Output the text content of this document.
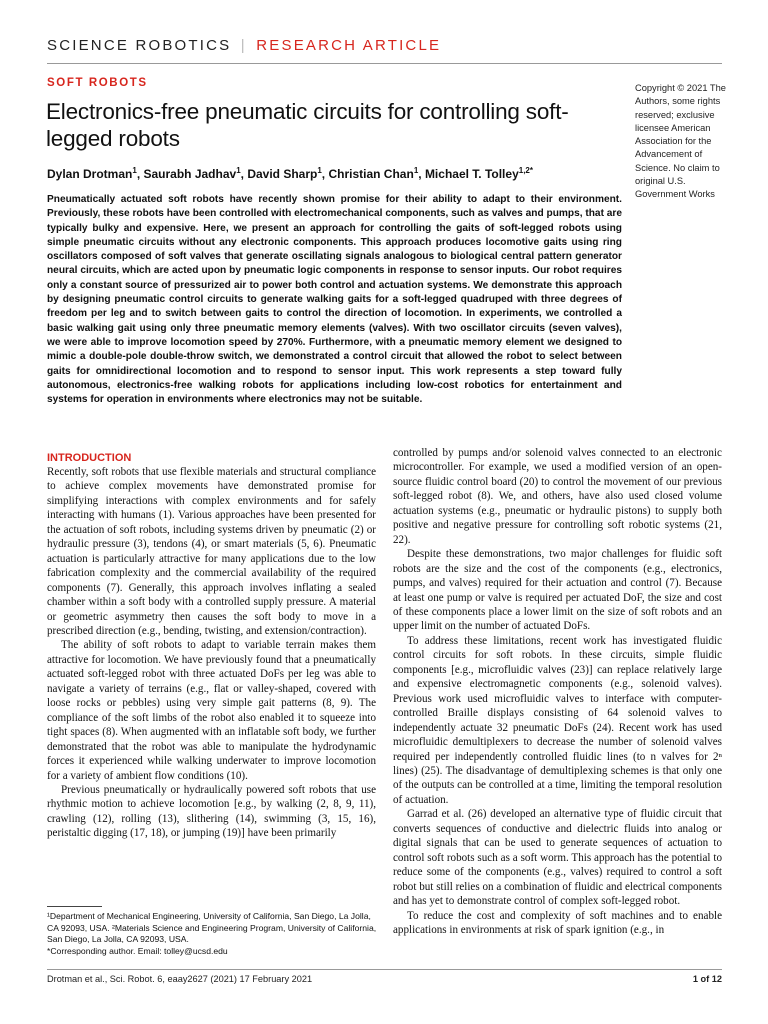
SCIENCE ROBOTICS | RESEARCH ARTICLE
SOFT ROBOTS
Electronics-free pneumatic circuits for controlling soft-legged robots
Dylan Drotman$^1$, Saurabh Jadhav$^1$, David Sharp$^1$, Christian Chan$^1$, Michael T. Tolley$^{1,2*}$

Copyright © 2021 The Authors, some rights reserved; exclusive licensee American Association for the Advancement of Science. No claim to original U.S. Government Works

Pneumatically actuated soft robots have recently shown promise for their ability to adapt to their environment. Previously, these robots have been controlled with electromechanical components, such as valves and pumps, that are typically bulky and expensive. Here, we present an approach for controlling the gaits of soft-legged robots using simple pneumatic circuits without any electronic components. This approach produces locomotive gaits using ring oscillators composed of soft valves that generate oscillating signals analogous to biological central pattern generator neural circuits, which are acted upon by pneumatic logic components in response to sensor inputs. Our robot requires only a constant source of pressurized air to power both control and actuation systems. We demonstrate this approach by designing pneumatic control circuits to generate walking gaits for a soft-legged quadruped with three degrees of freedom per leg and to switch between gaits to control the direction of locomotion. In experiments, we controlled a basic walking gait using only three pneumatic memory elements (valves). With two oscillator circuits (seven valves), we were able to improve locomotion speed by 270%. Furthermore, with a pneumatic memory element we designed to mimic a double-pole double-throw switch, we demonstrated a control circuit that allowed the robot to select between gaits for omnidirectional locomotion and to respond to sensor input. This work represents a step toward fully autonomous, electronics-free walking robots for applications including low-cost robotics for entertainment and systems for operation in environments where electronics may not be suitable.

INTRODUCTION

Recently, soft robots that use flexible materials and structural compliance to achieve complex movements have demonstrated promise for simplifying interactions with complex environments and for safely interacting with humans (1). Various approaches have been presented for the actuation of soft robots, including systems driven by pneumatic (2) or hydraulic pressure (3), tendons (4), or smart materials (5, 6). Pneumatic actuation is particularly attractive for many applications due to the low fabrication complexity and the commercial availability of the required components (7). Generally, this approach involves inflating a sealed chamber within a soft body with a controlled supply pressure. A material or geometric asymmetry then causes the soft body to move in a prescribed direction (e.g., bending, twisting, and extension/contraction).

The ability of soft robots to adapt to variable terrain makes them attractive for locomotion. We have previously found that a pneumatically actuated soft-legged robot with three actuated DoFs per leg was able to navigate a variety of terrains (e.g., flat or valley-shaped, covered with loose rocks or pebbles) using very simple gait patterns (8, 9). The compliance of the soft limbs of the robot also enabled it to squeeze into tight spaces (8). When augmented with an inflatable soft body, we further demonstrated that the robot was able to manipulate the hydrodynamic forces it experienced while walking underwater to improve locomotion for a variety of ambient flow conditions (10).

Previous pneumatically or hydraulically powered soft robots that use rhythmic motion to achieve locomotion [e.g., by walking (2, 8, 9, 11), crawling (12), rolling (13), slithering (14), swimming (3, 15, 16), peristaltic digging (17, 18), or jumping (19)] have been primarily

controlled by pumps and/or solenoid valves connected to an electronic microcontroller. For example, we used a modified version of an open-source fluidic control board (20) to control the movement of our previous soft-legged robot (8). We, and others, have also used closed volume actuation systems (e.g., pneumatic or hydraulic pistons) to supply both positive and negative pressure for controlling soft robotic systems (21, 22).

Despite these demonstrations, two major challenges for fluidic soft robots are the size and the cost of the components (e.g., electronics, pumps, and valves) required for their actuation and control (7). Because at least one pump or valve is required per actuated DoF, the size and cost of these components place a lower limit on the size of soft robots and an upper limit on the number of actuated DoFs.

To address these limitations, recent work has investigated fluidic control circuits for soft robots. In these circuits, simple fluidic components [e.g., microfluidic valves (23)] can replace relatively large and expensive electromagnetic components (e.g., solenoid valves). Previous work used microfluidic valves to interface with computer-controlled Braille displays consisting of 64 solenoid valves to independently actuate 32 pneumatic DoFs (24). Recent work has used microfluidic demultiplexers to decrease the number of solenoid valves required per independently controlled fluidic lines (to n valves for 2ⁿ lines) (25). The disadvantage of demultiplexing schemes is that only one of the outputs can be controlled at a time, limiting the temporal resolution of actuation.

Garrad et al. (26) developed an alternative type of fluidic circuit that converts sequences of conductive and dielectric fluids into analog or digital signals that can be used to generate sequences of actuation to control soft robots such as a soft worm. This approach has the potential to reduce some of the components (e.g., valves) required to control a soft robot but still relies on a combination of fluidic and electrical components and has yet to demonstrate control of complex soft-legged robot.

To reduce the cost and complexity of soft machines and to enable applications in environments at risk of spark ignition (e.g., in

¹Department of Mechanical Engineering, University of California, San Diego, La Jolla, CA 92093, USA. ²Materials Science and Engineering Program, University of California, San Diego, La Jolla, CA 92093, USA.

*Corresponding author. Email: tolley@ucsd.edu

Drotman et al., Sci. Robot. 6, eaay2627 (2021) 17 February 2021	1 of 12
